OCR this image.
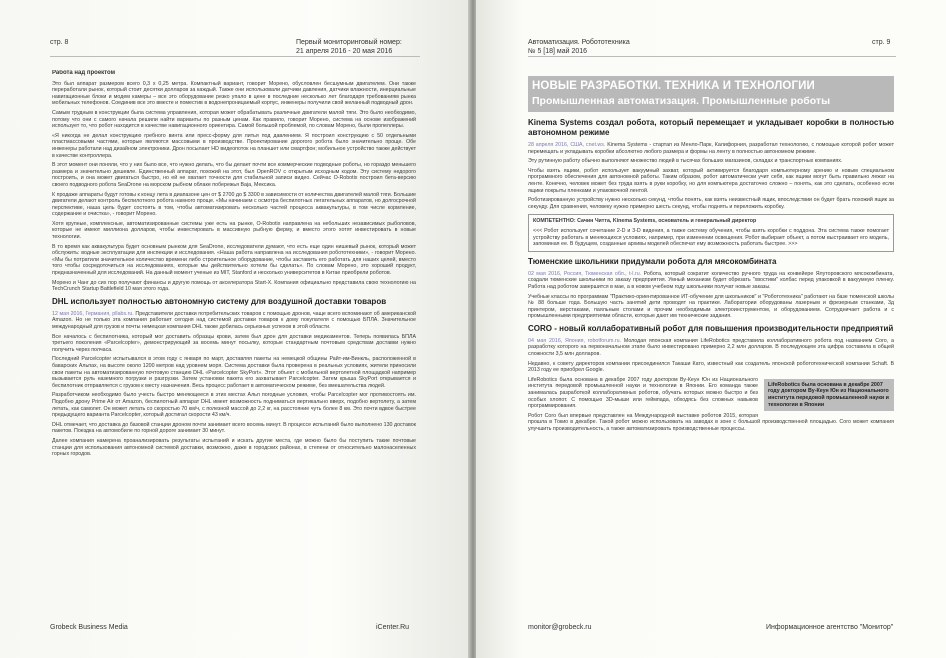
стр. 8	Первый мониторинговый номер:
21 апреля 2016 - 20 мая 2016
Работа над проектом

Это был аппарат размером всего 0,3 х 0,25 метра. Компактный вариант, говорит Морено, обусловлен бесшумным двигателем. Они также переработали рынок, который стоит десятки долларов за каждый. Также они использовали датчики давления, датчики влажности, инерциальные навигационные блоки и модем камеры – все это оборудование резко упало в цене в последние несколько лет благодаря требованиям рынка мобильных телефонов. Соединив все это вместе и поместив в водонепроницаемый корпус, инженеры получили свой желанный подводный дрон.

Самым трудным в конструкции была система управления, которая может обрабатывать различные двигатели малой тяги. Это было необходимо, потому что они с самого начала решили найти варианты по разным ценам. Как правило, говорит Морено, система на основе изображений использует то, что робот находится в качестве навигационного ориентира. Самой большой проблемой, по словам Морено, были пропеллеры.

«Я никогда не делал конструкцию гребного винта или пресс-форму для литья под давлением. Я построил конструкцию с 50 отдельными пластмассовыми частями, которые являются массовыми в производстве. Проектирование дорогого робота было значительно проще. Обе инженеры работали над дизайном электроники. Дрон посылает HD видеопоток на планшет или смартфон; мобильное устройство также действует в качестве контроллера.

В этот момент они поняли, что у них было все, что нужно делать, что бы делает почти все коммерческие подводные роботы, но гораздо меньшего размера и значительно дешевле. Единственный аппарат, похожий на этот, был OpenROV с открытым исходным кодом. Эту систему недорого построить, и она может двигаться быстро, но ей не хватает точности для стабильной записи видео. Сейчас O-Robotix построил бета-версию своего подводного робота SeaDrone на морском рыбном облаке побережья Baja, Мексика.

К продаже аппараты будут готовы к концу лета в диапазоне цен от $ 2700 до $ 3300 в зависимости от количества двигателей малой тяги. Большие двигатели делают контроль беспилотного робота намного проще. «Мы начинаем с осмотра беспилотных легательных аппаратов, но долгосрочной перспективе, наша цель будет состоять в том, чтобы автоматизировать несколько частей процесса аквакультуры, в том числе кормление, содержание и очистка», - говорит Морено.

Хотя крупные, комплексные, автоматизированные системы уже есть на рынке, O-Robotix направлена на небольших независимых рыболовов, которые не имеют миллиона долларов, чтобы инвестировать в массивную рыбную ферму, и вместо этого хотят инвестировать в новые технологии.

В то время как аквакультура будет основным рынком для SeaDrone, исследователи думают, что есть еще один нишевый рынок, который может обслужить: водные эксплуатации для инспекции и исследования. «Наша работа направлена на исследования робототехники», - говорит Морено. «Мы бы потратили значительное количество времени либо строительное оборудование, чтобы заставить его работать для наших целей, вместо того чтобы сосредоточиться на исследованиях, которые мы действительно хотели бы сделать». По словам Морено, это хороший продукт, предназначенный для исследований. На данный момент ученые из MIT, Stanford и несколько университетов в Китае приобрели роботов.

Морено и Чанг до сих пор получают финансы и другую помощь от акселератора Start-X. Компания официально представила свою технологию на TechCrunch Startup Battlefield 10 мая этого года.

DHL использует полностью автономную систему для воздушной доставки товаров

12 мая 2016, Германия, pllabs.ru. Представители доставки потребительских товаров с помощью дронов, чаще всего вспоминают об американской Amazon. Но не только эта компания работает сегодня над системой доставки товаров к дому покупателя с помощью БПЛА. Значительное международный для грузов и почты немецкая компания DHL также добилась серьезных успехов в этой области.

Все началось с беспилотника, который мог доставить образцы крови, затем был дрон для доставки медикаментов. Теперь появилась БПЛА третьего поколения «Parcelcopter», демонстрирующий за восемь минут посылку, которые стандартным почтовым средствам доставки нужно получить через полчаса.

Последний Parcelcopter испытывался в этом году с января по март, доставляя пакеты на немецкой общины Райт-им-Винкль, расположенной в баварских Альпах, на высоте около 1200 метров над уровнем моря. Система доставки была проверена в реальных условиях, жители приносили свои пакеты на автоматизированную почтовую станцию DHL «Parcelcopter SkyPort». Этот объект с мобильной вертолетной площадкой например вызывается руль наземного погрузки и разгрузки. Затем установки пакета его захватывает Parcelcopter. Затем крыша SkyPort открывается и беспилотник отправляется с грузом к месту назначения. Весь процесс работает в автоматическом режиме, без вмешательства людей.

Разработчиком необходимо было учесть быстро меняющееся в этих местах Альп погодные условия, чтобы Parcelcopter мог противостоять им. Подобно дрону Prime Air от Amazon, беспилотный аппарат DHL имеет возможность подниматься вертикально вверх, подобно вертолету, а затем летать, как самолет. Он может летать со скоростью 70 км/ч, с полезной массой до 2,2 кг, на расстояние чуть более 8 км. Это почти вдвое быстрее предыдущего варианта Parcelcopter, который достигал скорости 43 км/ч.

DHL отмечает, что доставка до базовой станции дроном почти занимает всего восемь минут. В процессе испытаний было выполнено 130 доставок пакетов. Поездка на автомобиле по горной дороге занимает 30 минут.

Далее компания намерена проанализировать результаты испытаний и искать другие места, где можно было бы поступить такие почтовые станции для использования автономной системой доставки, возможно, даже в городских районах, в степени от относительно малонаселенных горных городов.

Grobeck Business Media	iCenter.Ru
Автоматизация. Робототехника
№ 5 [18] май 2016
стр. 9
НОВЫЕ РАЗРАБОТКИ. ТЕХНИКА И ТЕХНОЛОГИИ
Промышленная автоматизация. Промышленные роботы
Kinema Systems создал робота, который перемещает и укладывает коробки в полностью автономном режиме

28 апреля 2016, США, cnet.ws. Kinema Systems - стартап из Менло-Парк, Калифорния, разработал технологию, с помощью которой робот может перемещать и укладывать коробки абсолютно любого размера и формы на ленту в полностью автономном режиме.

Эту рутинную работу обычно выполняют множество людей в тысячах больших магазинов, складах и транспортных компаниях.

Чтобы взять ящики, робот использует вакуумный захват, который активируется благодаря компьютерному зрению и новым специальном программного обеспечения для автономной работы. Таким образом, робот автоматически учит себя, как ящики могут быть правильно лежат на ленте. Конечно, человек может без труда взять в руки коробку, но для компьютера достаточно сложно – понять, как это сделать, особенно если ящики покрыты пленками и упаковочной лентой.

Роботизированную устройству нужно несколько секунд, чтобы понять, как взять неизвестный ящик, впоследствии он будет брать похожий ящик за секунду. Для сравнения, человеку нужно примерно шесть секунд, чтобы поднять и переложить коробку.

КОМПЕТЕНТНО: Сачин Читта, Kinema Systems, основатель и генеральный директор
<<< Робот использует сочетание 2-D и 3-D видения, а также систему обучения, чтобы взять коробки с поддона. Эта система также помогает устройству работать в меняющихся условиях, например, при изменении освещения. Робот выбирает объект, а потом выстраивает его модель, запоминая ее. В будущем, созданные архивы моделей обеспечат ему возможность работать быстрее. >>>
Тюменские школьники придумали робота для мясокомбината

02 мая 2016, Россия, Тюменская обл., t-l.ru. Робота, который сократит количество ручного труда на конвейере Ялуторовского мясокомбината, создали тюменские школьники по заказу предприятия. Умный механизм будет обрезать "хвостики" колбас перед упаковкой в вакуумную пленку. Работа над роботом завершится в мае, а в новом учебном году школьники получат новые заказы.

Учебные классы по программам "Практико-ориентированное ИТ-обучение для школьников" и "Робототехника" работают на базе тюменской школы № 88 больше года. Большую часть занятий дети проводят на практике. Лаборатории оборудованы лазерным и фрезерным станками, 3д принтером, верстаками, паяльным столами и прочим необходимым электроинструментом, и оборудованием. Сотрудничает работа и с промышленными предприятиями области, которые дают им технические задания.

CORO - новый коллаборативный робот для повышения производительности предприятий

04 мая 2016, Япония, robotforum.ru. Молодая японская компания LifeRobotics представила коллаборативного робота под названием Coro, а разработку которого на первоначальном этапе было инвестировано примерно 2,2 млн долларов. В последующем эта цифра составила в общей сложности 3,5 млн долларов.

Недавно, к совету директоров компании присоединился Такаши Като, известный как создатель японской робототехнической компании Schaft. В 2013 году ее приобрел Google.

LifeRobotics была основана в декабре 2007 году доктором Ву-Кеун Юн из Национального института передовой промышленной науки и технологии в Японии

LifeRobotics была основана в декабре 2007 году доктором Ву-Кеун Юн из Национального института передовой промышленной науки и технологии в Японии. Его команда также занималась разработкой коллаборативных роботов, обучать которых можно быстро и без особых хлопот. С помощью 3D-мыши или геймпада, обходясь без сложных навыков программирования.

Робот Coro был впервые представлен на Международной выставке роботов 2015, которая прошла в Токио в декабре. Такой робот можно использовать на заводах в зоне с большой производственной площадью. Coro может компания улучшить производительность, а также автоматизировать производственные процессы.

monitor@grobeck.ru	Информационное агентство "Монитор"
